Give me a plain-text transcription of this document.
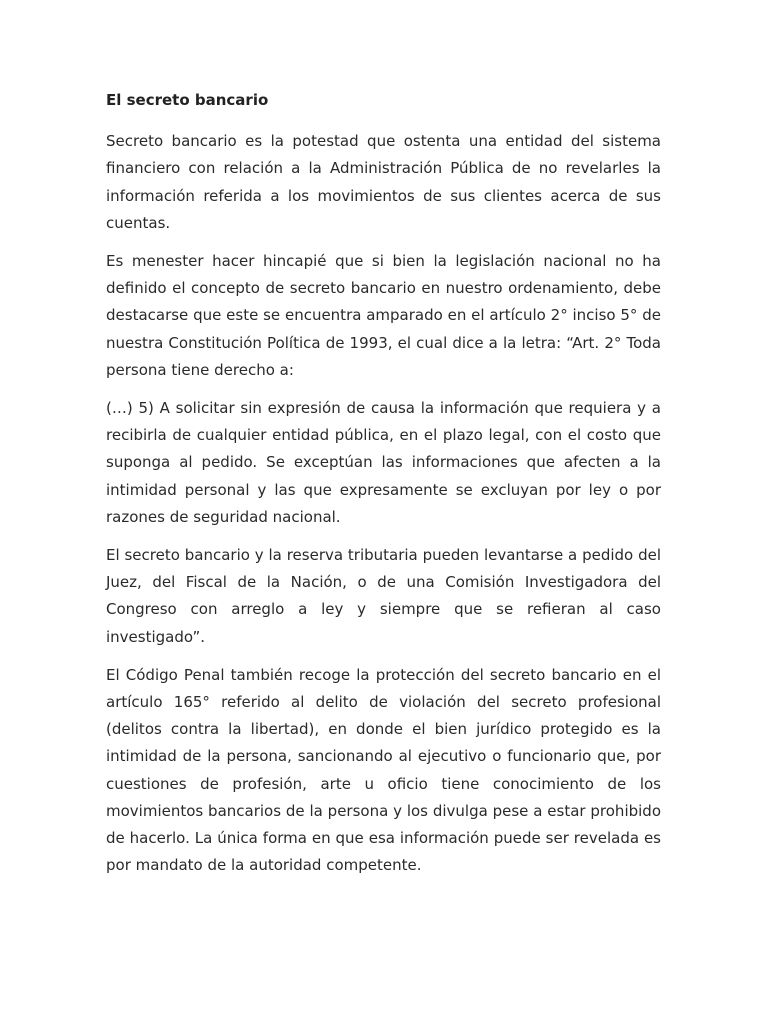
El secreto bancario

Secreto bancario es la potestad que ostenta una entidad del sistema financiero con relación a la Administración Pública de no revelarles la información referida a los movimientos de sus clientes acerca de sus cuentas.

Es menester hacer hincapié que si bien la legislación nacional no ha definido el concepto de secreto bancario en nuestro ordenamiento, debe destacarse que este se encuentra amparado en el artículo 2° inciso 5° de nuestra Constitución Política de 1993, el cual dice a la letra: “Art. 2° Toda persona tiene derecho a:

(…) 5) A solicitar sin expresión de causa la información que requiera y a recibirla de cualquier entidad pública, en el plazo legal, con el costo que suponga al pedido. Se exceptúan las informaciones que afecten a la intimidad personal y las que expresamente se excluyan por ley o por razones de seguridad nacional.

El secreto bancario y la reserva tributaria pueden levantarse a pedido del Juez, del Fiscal de la Nación, o de una Comisión Investigadora del Congreso con arreglo a ley y siempre que se refieran al caso investigado”.

El Código Penal también recoge la protección del secreto bancario en el artículo 165° referido al delito de violación del secreto profesional (delitos contra la libertad), en donde el bien jurídico protegido es la intimidad de la persona, sancionando al ejecutivo o funcionario que, por cuestiones de profesión, arte u oficio tiene conocimiento de los movimientos bancarios de la persona y los divulga pese a estar prohibido de hacerlo. La única forma en que esa información puede ser revelada es por mandato de la autoridad competente.
